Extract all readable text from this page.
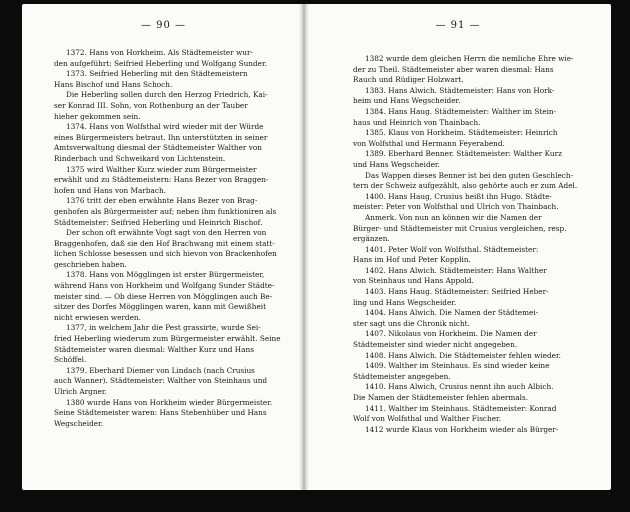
— 90 —
1372. Hans von Horkheim. Als Städtemeister wur-
den aufgeführt: Seifried Heberling und Wolfgang Sunder.
1373. Seifried Heberling mit den Städtemeistern
Hans Bischof und Hans Schoch.
Die Heberling sollen durch den Herzog Friedrich, Kai-
ser Konrad III. Sohn, von Rothenburg an der Tauber
hieher gekommen sein.
1374. Hans von Wolfsthal wird wieder mit der Würde
eines Bürgermeisters betraut. Ihn unterstützten in seiner
Amtsverwaltung diesmal der Städtemeister Walther von
Rinderbach und Schweikard von Lichtenstein.
1375 wird Walther Kurz wieder zum Bürgermeister
erwählt und zu Städtemeistern: Hans Bezer von Braggen-
hofen und Hans von Marbach.
1376 tritt der eben erwähnte Hans Bezer von Brag-
genhofen als Bürgermeister auf; neben ihm funktioniren als
Städtemeister: Seifried Heberling und Heinrich Bischof.
Der schon oft erwähnte Vogt sagt von den Herren von
Braggenhofen, daß sie den Hof Brachwang mit einem statt-
lichen Schlosse besessen und sich hievon von Brackenhofen
geschrieben haben.
1378. Hans von Mögglingen ist erster Bürgermeister,
während Hans von Horkheim und Wolfgang Sunder Städte-
meister sind. — Ob diese Herren von Mögglingen auch Be-
sitzer des Dorfes Mögglingen waren, kann mit Gewißheit
nicht erwiesen werden.
1377, in welchem Jahr die Pest grassirte, wurde Sei-
fried Heberling wiederum zum Bürgermeister erwählt. Seine
Städtemeister waren diesmal: Walther Kurz und Hans
Schöffel.
1379. Eberhard Diemer von Lindach (nach Crusius
auch Wanner). Städtemeister: Walther von Steinhaus und
Ulrich Argner.
1380 wurde Hans von Horkheim wieder Bürgermeister.
Seine Städtemeister waren: Hans Stebenhüber und Hans
Wegscheider.
— 91 —
1382 wurde dem gleichen Herrn die nemliche Ehre wie-
der zu Theil. Städtemeister aber waren diesmal: Hans
Rauch und Rüdiger Holzwart.
1383. Hans Alwich. Städtemeister: Hans von Hork-
heim und Hans Wegscheider.
1384. Hans Haug. Städtemeister: Walther im Stein-
haus und Heinrich von Thainbach.
1385. Klaus von Horkheim. Städtemeister: Heinrich
von Wolfsthal und Hermann Feyerabend.
1389. Eberhard Benner. Städtemeister: Walther Kurz
und Hans Wegscheider.
Das Wappen dieses Benner ist bei den guten Geschlech-
tern der Schweiz aufgezählt, also gehörte auch er zum Adel.
1400. Hans Haug, Crusius heißt ihn Hugo. Städte-
meister: Peter von Wolfsthal und Ulrich von Thainbach.
Anmerk. Von nun an können wir die Namen der
Bürger- und Städtemeister mit Crusius vergleichen, resp.
ergänzen.
1401. Peter Wolf von Wolfsthal. Städtemeister:
Hans im Hof und Peter Kopplin.
1402. Hans Alwich. Städtemeister: Hans Walther
von Steinhaus und Hans Appold.
1403. Hans Haug. Städtemeister: Seifried Heber-
ling und Hans Wegscheider.
1404. Hans Alwich. Die Namen der Städtemei-
ster sagt uns die Chronik nicht.
1407. Nikolaus von Horkheim. Die Namen der
Städtemeister sind wieder nicht angegeben.
1408. Hans Alwich. Die Städtemeister fehlen wieder.
1409. Walther im Steinhaus. Es sind wieder keine
Städtemeister angegeben.
1410. Hans Alwich, Crusius nennt ihn auch Albich.
Die Namen der Städtemeister fehlen abermals.
1411. Walther im Steinhaus. Städtemeister: Konrad
Wolf von Wolfsthal und Walther Fischer.
1412 wurde Klaus von Horkheim wieder als Bürger-
